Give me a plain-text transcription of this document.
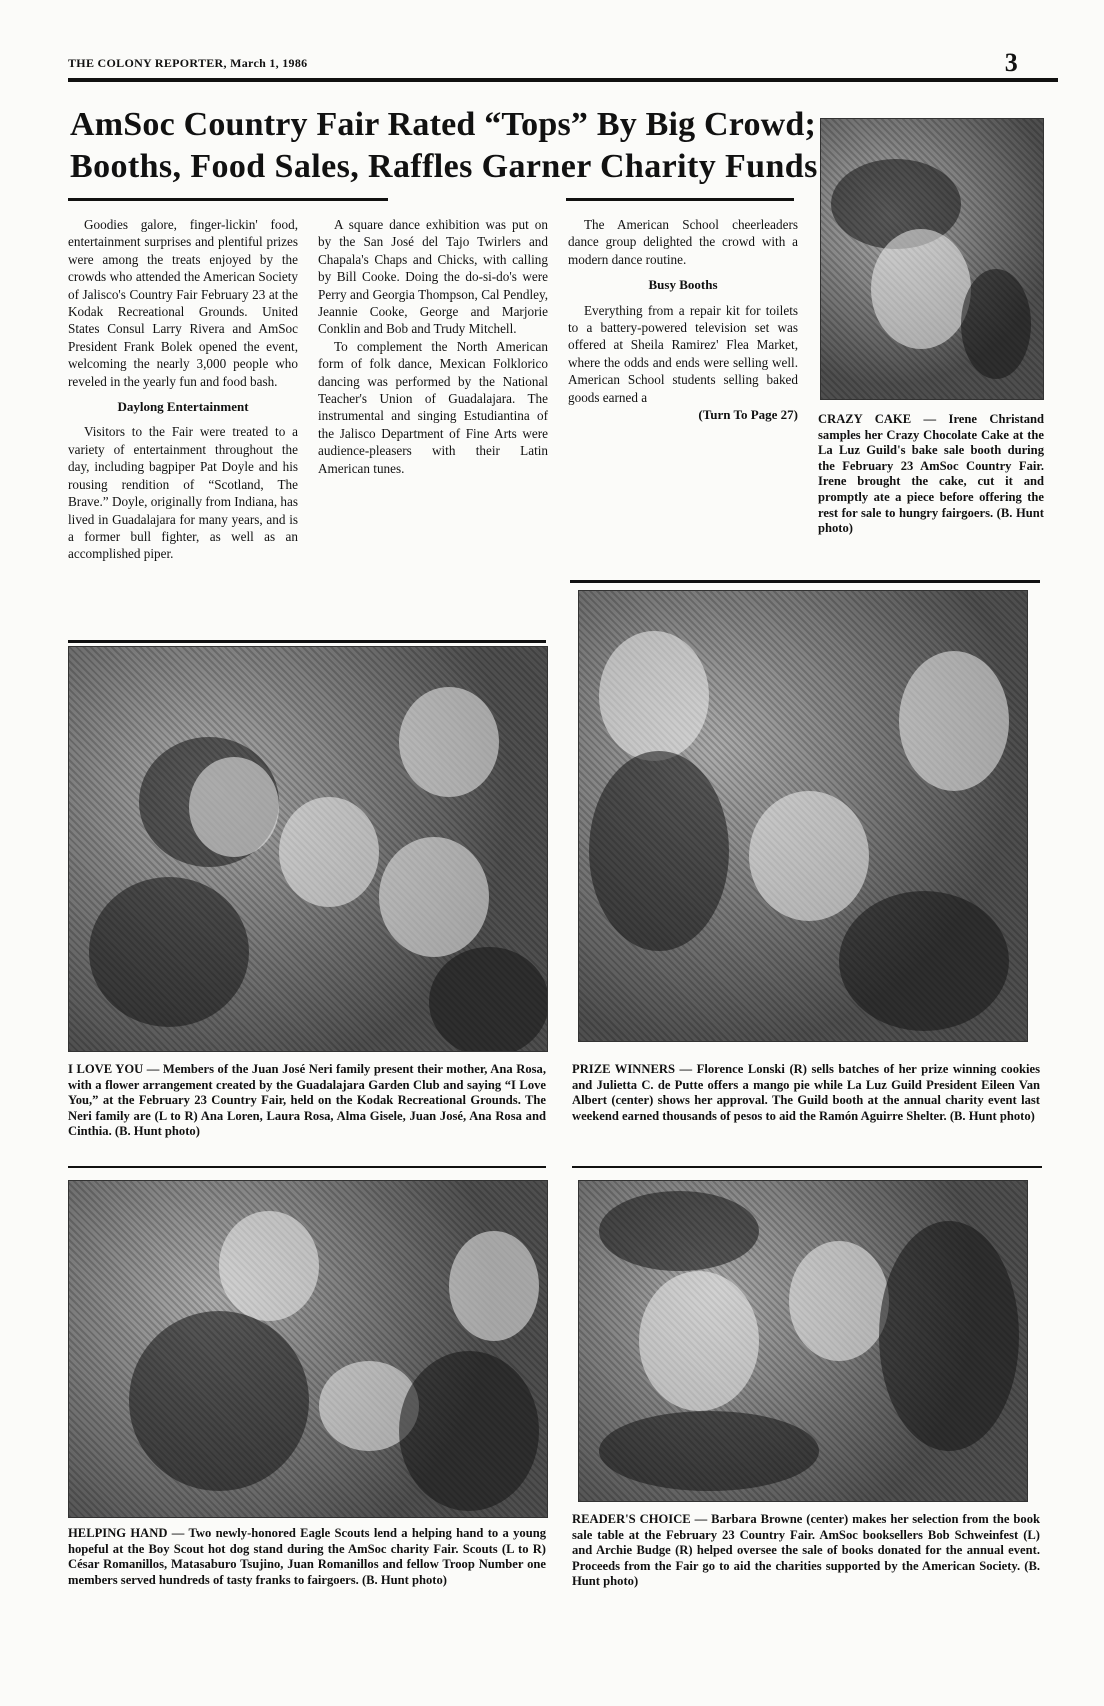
THE COLONY REPORTER, March 1, 1986	3
AmSoc Country Fair Rated “Tops” By Big Crowd;
Booths, Food Sales, Raffles Garner Charity Funds

Goodies galore, finger-lickin' food, entertainment surprises and plentiful prizes were among the treats enjoyed by the crowds who attended the American Society of Jalisco's Country Fair February 23 at the Kodak Recreational Grounds. United States Consul Larry Rivera and AmSoc President Frank Bolek opened the event, welcoming the nearly 3,000 people who reveled in the yearly fun and food bash.

Daylong Entertainment

Visitors to the Fair were treated to a variety of entertainment throughout the day, including bagpiper Pat Doyle and his rousing rendition of “Scotland, The Brave.” Doyle, originally from Indiana, has lived in Guadalajara for many years, and is a former bull fighter, as well as an accomplished piper.

A square dance exhibition was put on by the San José del Tajo Twirlers and Chapala's Chaps and Chicks, with calling by Bill Cooke. Doing the do-si-do's were Perry and Georgia Thompson, Cal Pendley, Jeannie Cooke, George and Marjorie Conklin and Bob and Trudy Mitchell.

To complement the North American form of folk dance, Mexican Folklorico dancing was performed by the National Teacher's Union of Guadalajara. The instrumental and singing Estudiantina of the Jalisco Department of Fine Arts were audience-pleasers with their Latin American tunes.

The American School cheerleaders dance group delighted the crowd with a modern dance routine.

Busy Booths

Everything from a repair kit for toilets to a battery-powered television set was offered at Sheila Ramirez' Flea Market, where the odds and ends were selling well. American School students selling baked goods earned a

(Turn To Page 27) CRAZY CAKE — Irene Christand samples her Crazy Chocolate Cake at the La Luz Guild's bake sale booth during the February 23 AmSoc Country Fair. Irene brought the cake, cut it and promptly ate a piece before offering the rest for sale to hungry fairgoers. (B. Hunt photo)
I LOVE YOU — Members of the Juan José Neri family present their mother, Ana Rosa, with a flower arrangement created by the Guadalajara Garden Club and saying “I Love You,” at the February 23 Country Fair, held on the Kodak Recreational Grounds. The Neri family are (L to R) Ana Loren, Laura Rosa, Alma Gisele, Juan José, Ana Rosa and Cinthia. (B. Hunt photo)
PRIZE WINNERS — Florence Lonski (R) sells batches of her prize winning cookies and Julietta C. de Putte offers a mango pie while La Luz Guild President Eileen Van Albert (center) shows her approval. The Guild booth at the annual charity event last weekend earned thousands of pesos to aid the Ramón Aguirre Shelter. (B. Hunt photo)
HELPING HAND — Two newly-honored Eagle Scouts lend a helping hand to a young hopeful at the Boy Scout hot dog stand during the AmSoc charity Fair. Scouts (L to R) César Romanillos, Matasaburo Tsujino, Juan Romanillos and fellow Troop Number one members served hundreds of tasty franks to fairgoers. (B. Hunt photo)
READER'S CHOICE — Barbara Browne (center) makes her selection from the book sale table at the February 23 Country Fair. AmSoc booksellers Bob Schweinfest (L) and Archie Budge (R) helped oversee the sale of books donated for the annual event. Proceeds from the Fair go to aid the charities supported by the American Society. (B. Hunt photo)
